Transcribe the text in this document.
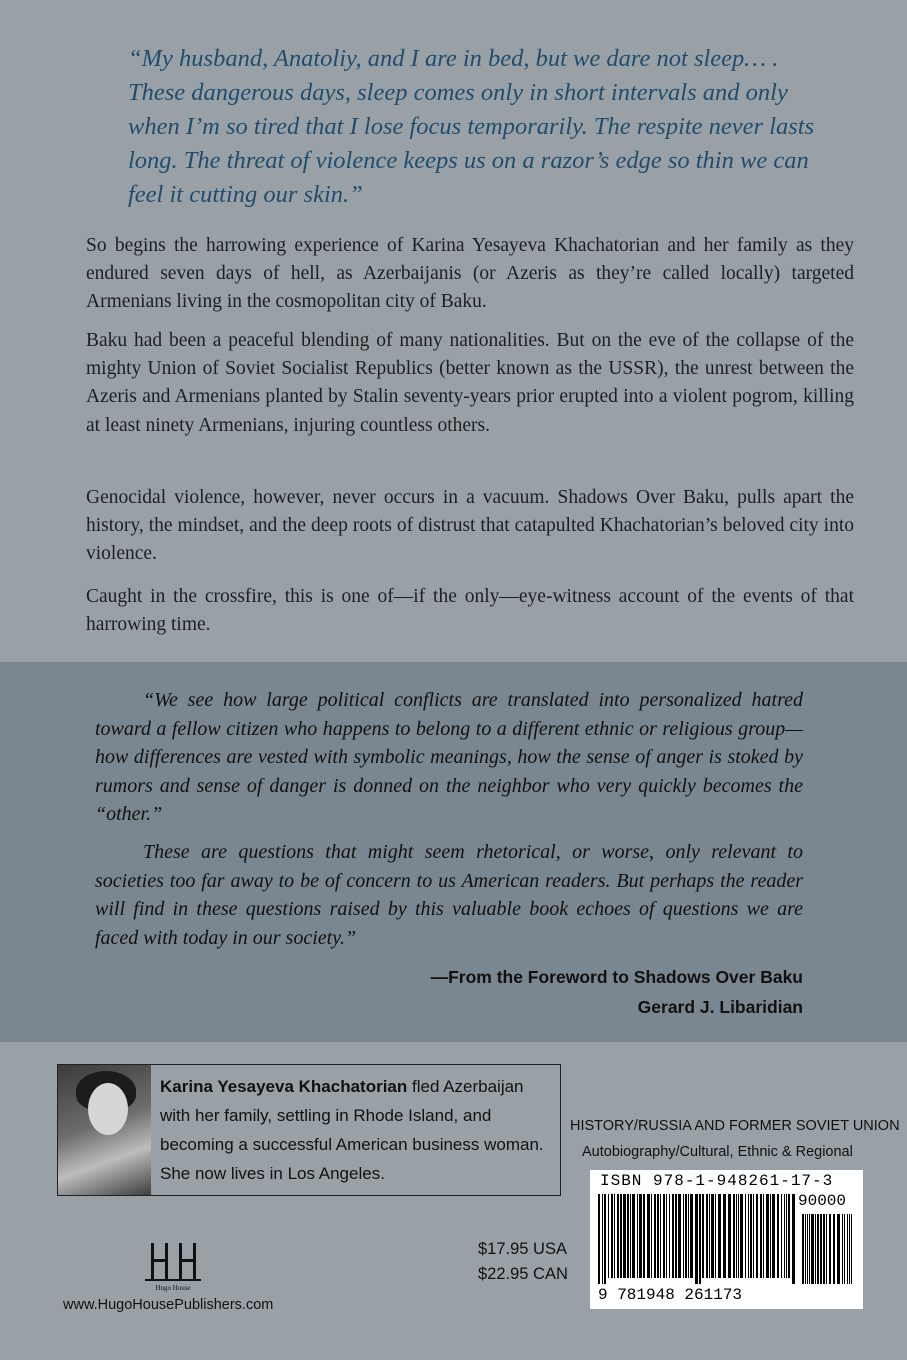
“My husband, Anatoliy, and I are in bed, but we dare not sleep… . These dangerous days, sleep comes only in short intervals and only when I’m so tired that I lose focus temporarily. The respite never lasts long. The threat of violence keeps us on a razor’s edge so thin we can feel it cutting our skin.”

So begins the harrowing experience of Karina Yesayeva Khachatorian and her family as they endured seven days of hell, as Azerbaijanis (or Azeris as they’re called locally) targeted Armenians living in the cosmopolitan city of Baku.

Baku had been a peaceful blending of many nationalities. But on the eve of the collapse of the mighty Union of Soviet Socialist Republics (better known as the USSR), the unrest between the Azeris and Armenians planted by Stalin seventy-years prior erupted into a violent pogrom, killing at least ninety Armenians, injuring countless others.

Genocidal violence, however, never occurs in a vacuum. Shadows Over Baku, pulls apart the history, the mindset, and the deep roots of distrust that catapulted Khachatorian’s beloved city into violence.

Caught in the crossfire, this is one of—if the only—eye-witness account of the events of that harrowing time.

“We see how large political conflicts are translated into personalized hatred toward a fellow citizen who happens to belong to a different ethnic or religious group—how differences are vested with symbolic meanings, how the sense of anger is stoked by rumors and sense of danger is donned on the neighbor who very quickly becomes the “other.”

These are questions that might seem rhetorical, or worse, only relevant to societies too far away to be of concern to us American readers. But perhaps the reader will find in these questions raised by this valuable book echoes of questions we are faced with today in our society.”

—From the Foreword to Shadows Over Baku
Gerard J. Libaridian

Karina Yesayeva Khachatorian fled Azerbaijan with her family, settling in Rhode Island, and becoming a successful American business woman. She now lives in Los Angeles.

HISTORY/RUSSIA AND FORMER SOVIET UNION
Autobiography/Cultural, Ethnic & Regional
ISBN 978-1-948261-17-3
90000
9 781948 261173
$17.95 USA
$22.95 CAN
Hugo House
www.HugoHousePublishers.com
